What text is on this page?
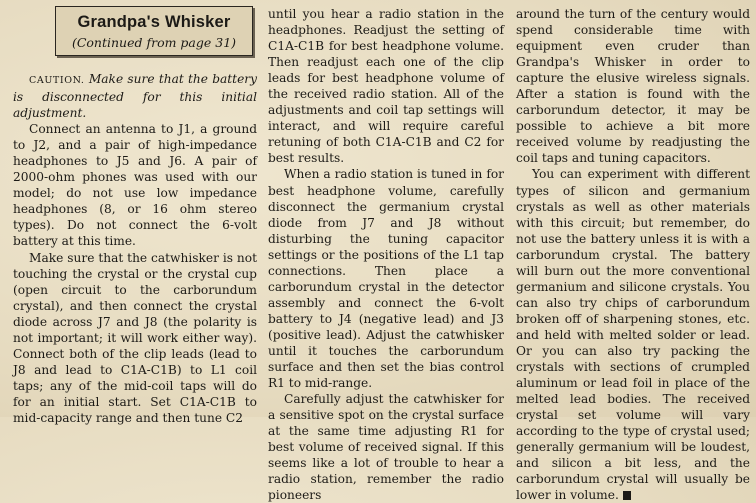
Grandpa's Whisker
(Continued from page 31)

CAUTION. Make sure that the battery is disconnected for this initial adjustment.

Connect an antenna to J1, a ground to J2, and a pair of high-impedance headphones to J5 and J6. A pair of 2000-ohm phones was used with our model; do not use low impedance headphones (8, or 16 ohm stereo types). Do not connect the 6-volt battery at this time.

Make sure that the catwhisker is not touching the crystal or the crystal cup (open circuit to the carborundum crystal), and then connect the crystal diode across J7 and J8 (the polarity is not important; it will work either way). Connect both of the clip leads (lead to J8 and lead to C1A-C1B) to L1 coil taps; any of the mid-coil taps will do for an initial start. Set C1A-C1B to mid-capacity range and then tune C2

until you hear a radio station in the headphones. Readjust the setting of C1A-C1B for best headphone volume. Then readjust each one of the clip leads for best headphone volume of the received radio station. All of the adjustments and coil tap settings will interact, and will require careful retuning of both C1A-C1B and C2 for best results.

When a radio station is tuned in for best headphone volume, carefully disconnect the germanium crystal diode from J7 and J8 without disturbing the tuning capacitor settings or the positions of the L1 tap connections. Then place a carborundum crystal in the detector assembly and connect the 6-volt battery to J4 (negative lead) and J3 (positive lead). Adjust the catwhisker until it touches the carborundum surface and then set the bias control R1 to mid-range.

Carefully adjust the catwhisker for a sensitive spot on the crystal surface at the same time adjusting R1 for best volume of received signal. If this seems like a lot of trouble to hear a radio station, remember the radio pioneers

around the turn of the century would spend considerable time with equipment even cruder than Grandpa's Whisker in order to capture the elusive wireless signals. After a station is found with the carborundum detector, it may be possible to achieve a bit more received volume by readjusting the coil taps and tuning capacitors.

You can experiment with different types of silicon and germanium crystals as well as other materials with this circuit; but remember, do not use the battery unless it is with a carborundum crystal. The battery will burn out the more conventional germanium and silicone crystals. You can also try chips of carborundum broken off of sharpening stones, etc. and held with melted solder or lead. Or you can also try packing the crystals with sections of crumpled aluminum or lead foil in place of the melted lead bodies. The received crystal set volume will vary according to the type of crystal used; generally germanium will be loudest, and silicon a bit less, and the carborundum crystal will usually be lower in volume.
